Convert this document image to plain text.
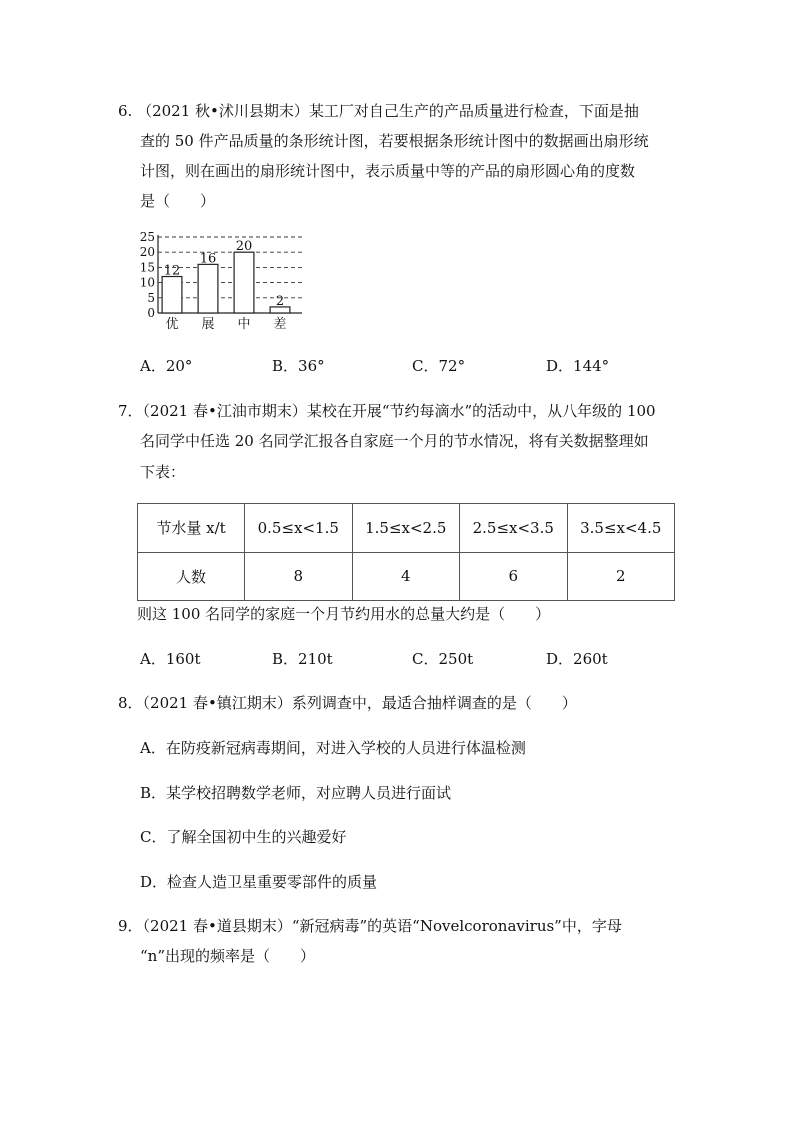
6. （2021 秋•沭川县期末）某工厂对自己生产的产品质量进行检查，下面是抽
查的 50 件产品质量的条形统计图，若要根据条形统计图中的数据画出扇形统
计图，则在画出的扇形统计图中，表示质量中等的产品的扇形圆心角的度数
是（　　）
25
20
15
10
5
0
12
优
16
展
20
中
2
差
A．20°	B．36°	C．72°	D．144°
7．（2021 春•江油市期末）某校在开展“节约每滴水”的活动中，从八年级的 100
名同学中任选 20 名同学汇报各自家庭一个月的节水情况，将有关数据整理如
下表：
节水量 x/t	0.5≤x<1.5	1.5≤x<2.5	2.5≤x<3.5	3.5≤x<4.5
人数	8	4	6	2
则这 100 名同学的家庭一个月节约用水的总量大约是（　　）
A．160t	B．210t	C．250t	D．260t
8．（2021 春•镇江期末）系列调查中，最适合抽样调查的是（　　）
A．在防疫新冠病毒期间，对进入学校的人员进行体温检测
B．某学校招聘数学老师，对应聘人员进行面试
C．了解全国初中生的兴趣爱好
D．检查人造卫星重要零部件的质量
9．（2021 春•道县期末）“新冠病毒”的英语“Novelcoronavirus”中，字母
“n”出现的频率是（　　）
